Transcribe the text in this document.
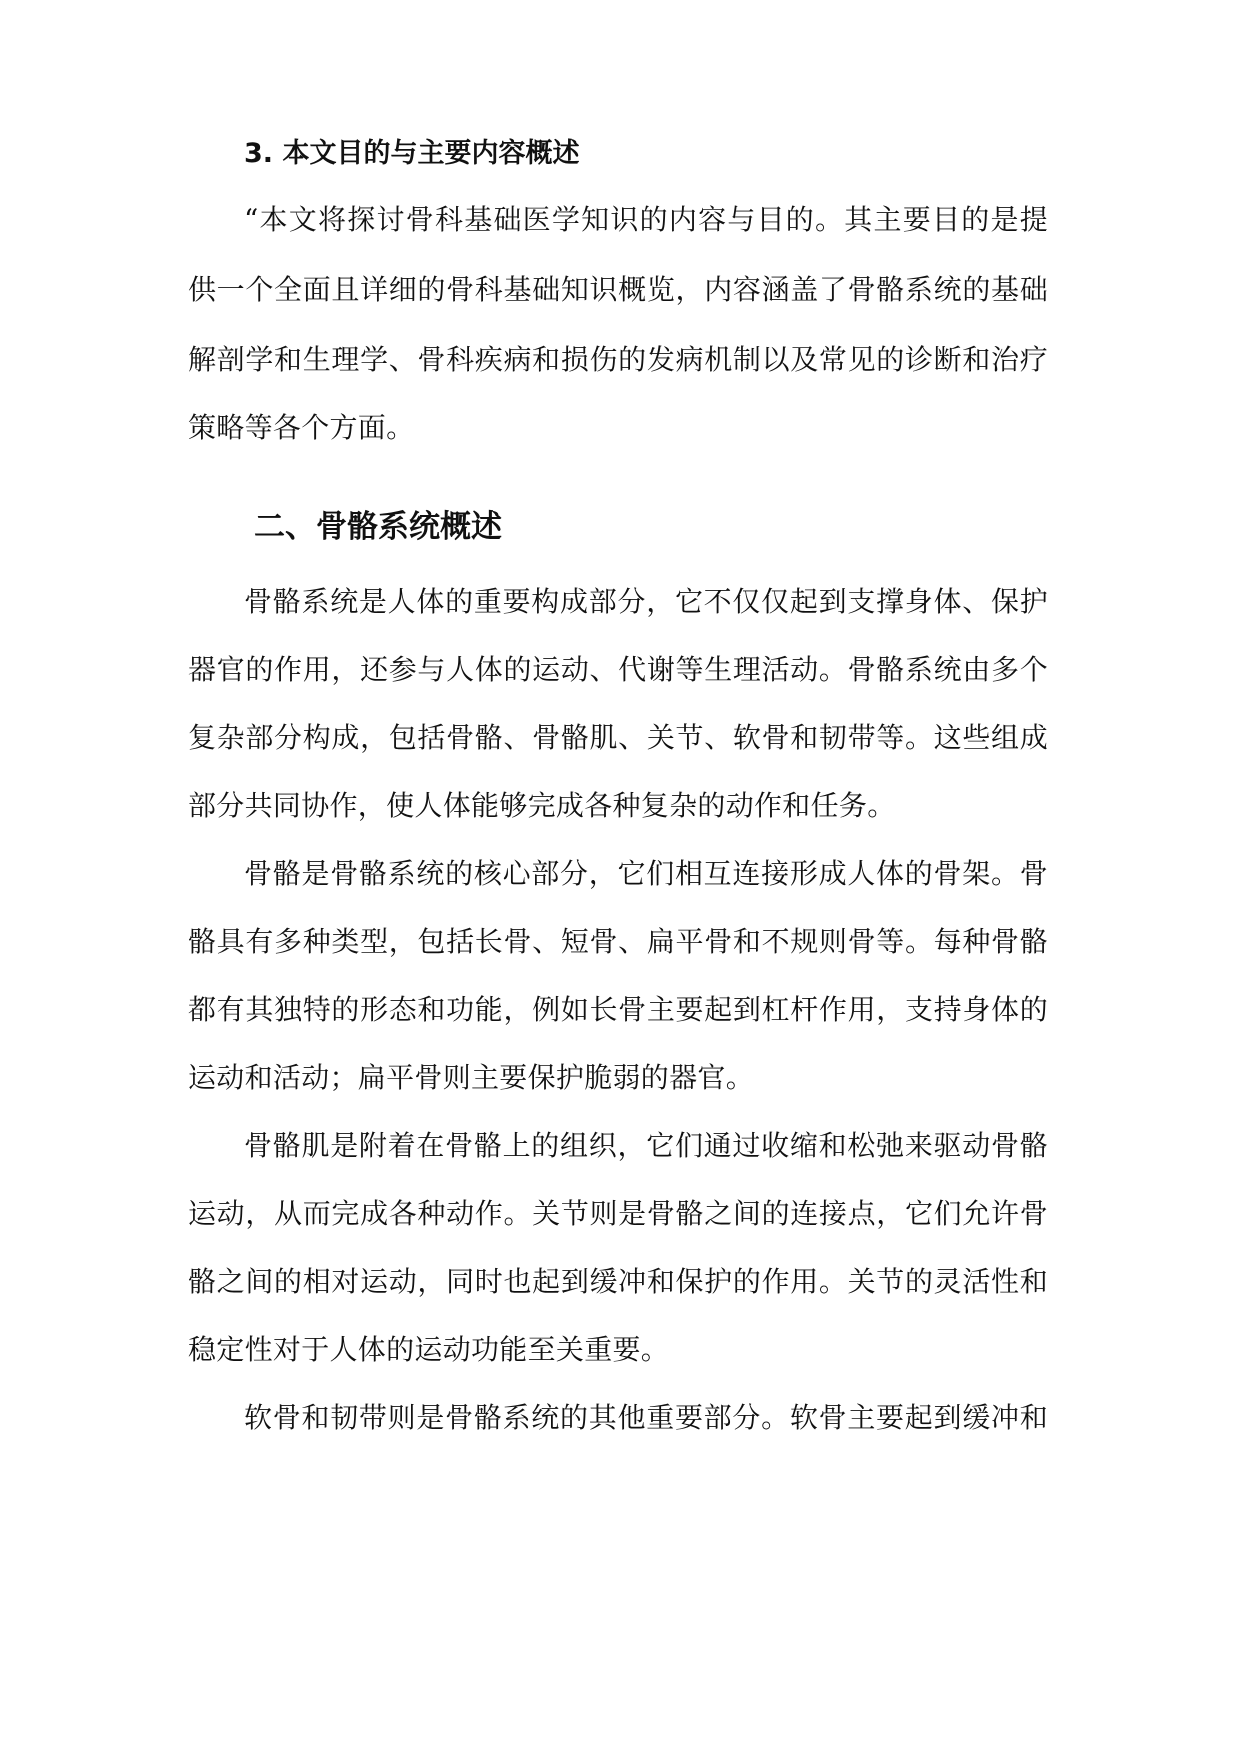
3. 本文目的与主要内容概述
“本文将探讨骨科基础医学知识的内容与目的。其主要目的是提
供一个全面且详细的骨科基础知识概览，内容涵盖了骨骼系统的基础
解剖学和生理学、骨科疾病和损伤的发病机制以及常见的诊断和治疗
策略等各个方面。
二、骨骼系统概述
骨骼系统是人体的重要构成部分，它不仅仅起到支撑身体、保护
器官的作用，还参与人体的运动、代谢等生理活动。骨骼系统由多个
复杂部分构成，包括骨骼、骨骼肌、关节、软骨和韧带等。这些组成
部分共同协作，使人体能够完成各种复杂的动作和任务。
骨骼是骨骼系统的核心部分，它们相互连接形成人体的骨架。骨
骼具有多种类型，包括长骨、短骨、扁平骨和不规则骨等。每种骨骼
都有其独特的形态和功能，例如长骨主要起到杠杆作用，支持身体的
运动和活动；扁平骨则主要保护脆弱的器官。
骨骼肌是附着在骨骼上的组织，它们通过收缩和松弛来驱动骨骼
运动，从而完成各种动作。关节则是骨骼之间的连接点，它们允许骨
骼之间的相对运动，同时也起到缓冲和保护的作用。关节的灵活性和
稳定性对于人体的运动功能至关重要。
软骨和韧带则是骨骼系统的其他重要部分。软骨主要起到缓冲和
